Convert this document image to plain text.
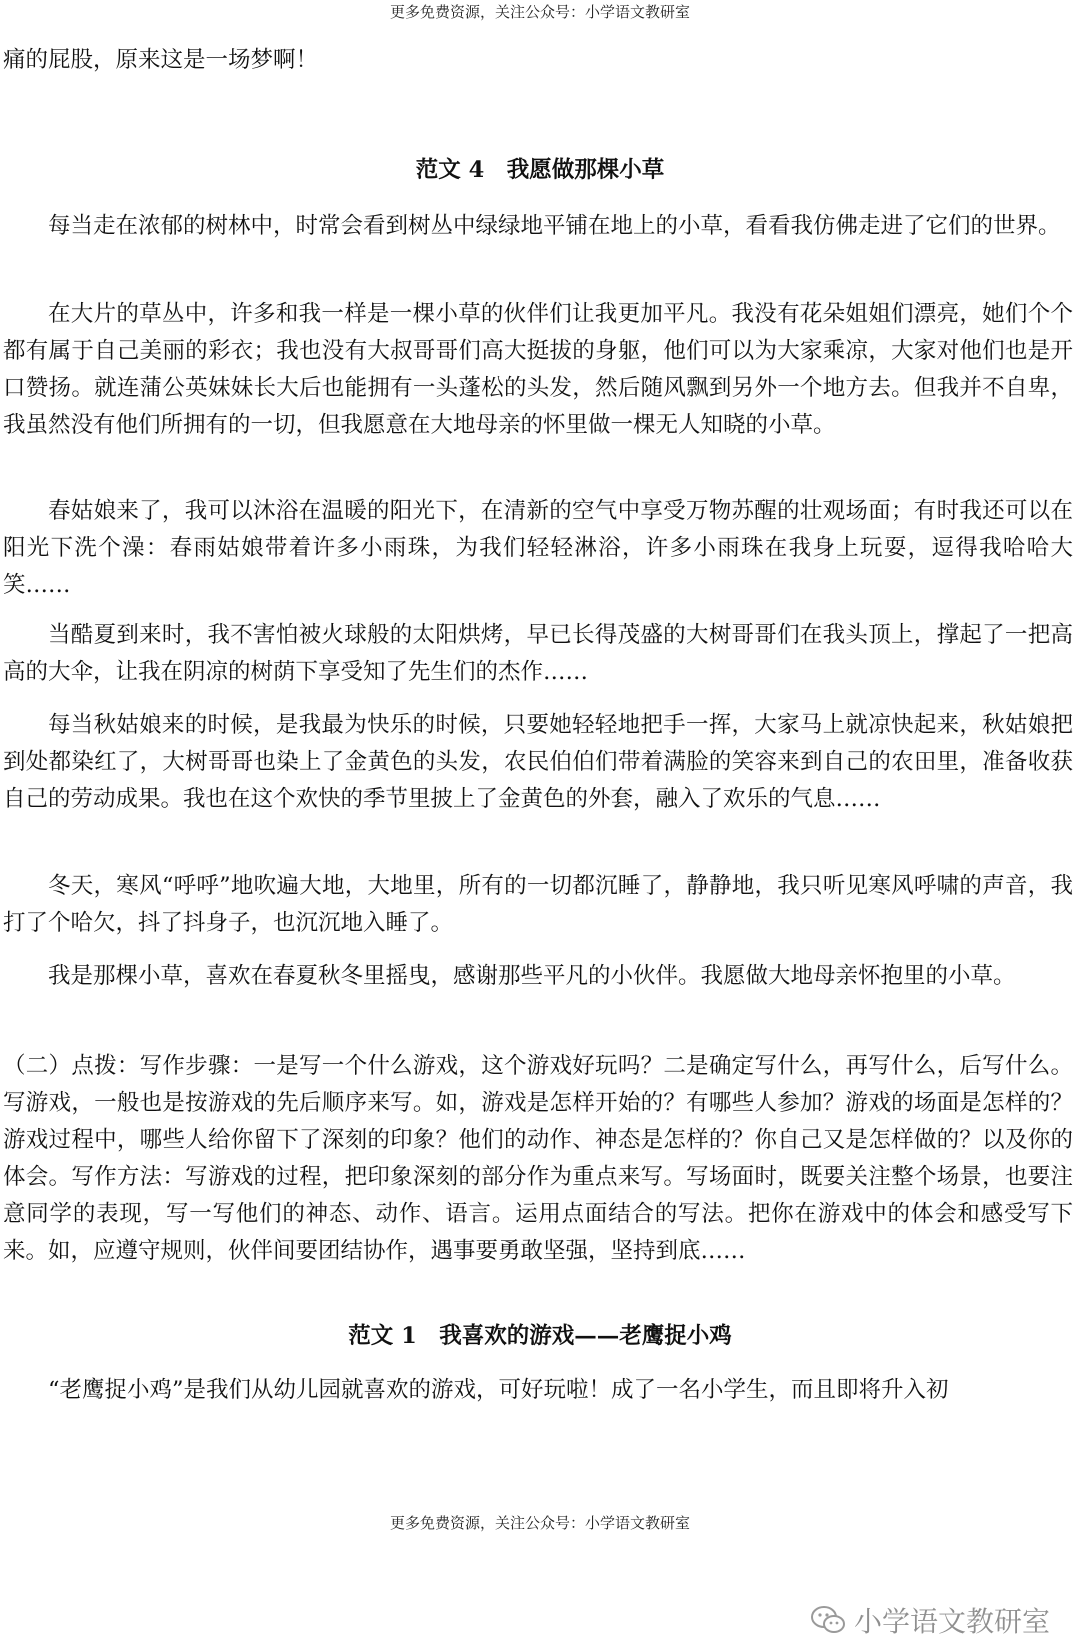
更多免费资源，关注公众号：小学语文教研室
痛的屁股，原来这是一场梦啊！
范文 4　我愿做那棵小草
每当走在浓郁的树林中，时常会看到树丛中绿绿地平铺在地上的小草，看看我仿佛走进了它们的世界。
在大片的草丛中，许多和我一样是一棵小草的伙伴们让我更加平凡。我没有花朵姐姐们漂亮，她们个个都有属于自己美丽的彩衣；我也没有大叔哥哥们高大挺拔的身躯，他们可以为大家乘凉，大家对他们也是开口赞扬。就连蒲公英妹妹长大后也能拥有一头蓬松的头发，然后随风飘到另外一个地方去。但我并不自卑，我虽然没有他们所拥有的一切，但我愿意在大地母亲的怀里做一棵无人知晓的小草。
春姑娘来了，我可以沐浴在温暖的阳光下，在清新的空气中享受万物苏醒的壮观场面；有时我还可以在阳光下洗个澡：春雨姑娘带着许多小雨珠，为我们轻轻淋浴，许多小雨珠在我身上玩耍，逗得我哈哈大笑……
当酷夏到来时，我不害怕被火球般的太阳烘烤，早已长得茂盛的大树哥哥们在我头顶上，撑起了一把高高的大伞，让我在阴凉的树荫下享受知了先生们的杰作……
每当秋姑娘来的时候，是我最为快乐的时候，只要她轻轻地把手一挥，大家马上就凉快起来，秋姑娘把到处都染红了，大树哥哥也染上了金黄色的头发，农民伯伯们带着满脸的笑容来到自己的农田里，准备收获自己的劳动成果。我也在这个欢快的季节里披上了金黄色的外套，融入了欢乐的气息……
冬天，寒风“呼呼”地吹遍大地，大地里，所有的一切都沉睡了，静静地，我只听见寒风呼啸的声音，我打了个哈欠，抖了抖身子，也沉沉地入睡了。
我是那棵小草，喜欢在春夏秋冬里摇曳，感谢那些平凡的小伙伴。我愿做大地母亲怀抱里的小草。
（二）点拨：写作步骤：一是写一个什么游戏，这个游戏好玩吗？二是确定写什么，再写什么，后写什么。写游戏，一般也是按游戏的先后顺序来写。如，游戏是怎样开始的？有哪些人参加？游戏的场面是怎样的？游戏过程中，哪些人给你留下了深刻的印象？他们的动作、神态是怎样的？你自己又是怎样做的？以及你的体会。写作方法：写游戏的过程，把印象深刻的部分作为重点来写。写场面时，既要关注整个场景，也要注意同学的表现，写一写他们的神态、动作、语言。运用点面结合的写法。把你在游戏中的体会和感受写下来。如，应遵守规则，伙伴间要团结协作，遇事要勇敢坚强，坚持到底……
范文 1　我喜欢的游戏——老鹰捉小鸡
“老鹰捉小鸡”是我们从幼儿园就喜欢的游戏，可好玩啦！成了一名小学生，而且即将升入初
更多免费资源，关注公众号：小学语文教研室
小学语文教研室
